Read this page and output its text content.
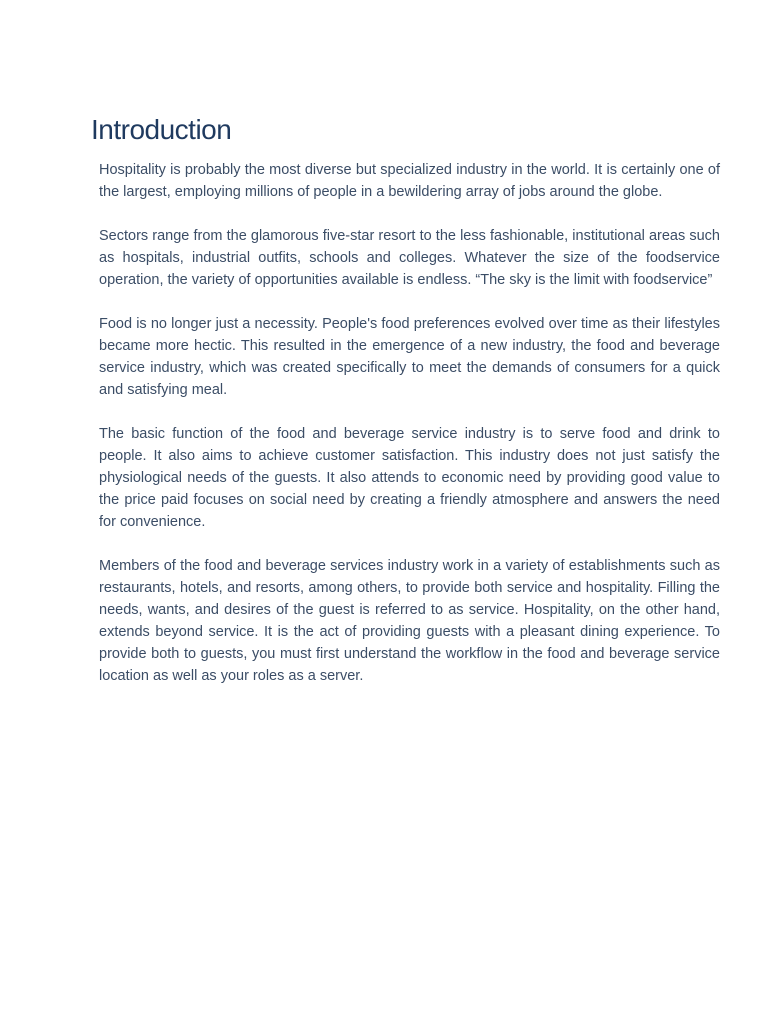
Introduction

Hospitality is probably the most diverse but specialized industry in the world. It is certainly one of the largest, employing millions of people in a bewildering array of jobs around the globe.

Sectors range from the glamorous five-star resort to the less fashionable, institutional areas such as hospitals, industrial outfits, schools and colleges. Whatever the size of the foodservice operation, the variety of opportunities available is endless. “The sky is the limit with foodservice”

Food is no longer just a necessity. People's food preferences evolved over time as their lifestyles became more hectic. This resulted in the emergence of a new industry, the food and beverage service industry, which was created specifically to meet the demands of consumers for a quick and satisfying meal.

The basic function of the food and beverage service industry is to serve food and drink to people. It also aims to achieve customer satisfaction. This industry does not just satisfy the physiological needs of the guests. It also attends to economic need by providing good value to the price paid focuses on social need by creating a friendly atmosphere and answers the need for convenience.

Members of the food and beverage services industry work in a variety of establishments such as restaurants, hotels, and resorts, among others, to provide both service and hospitality. Filling the needs, wants, and desires of the guest is referred to as service. Hospitality, on the other hand, extends beyond service. It is the act of providing guests with a pleasant dining experience. To provide both to guests, you must first understand the workflow in the food and beverage service location as well as your roles as a server.
